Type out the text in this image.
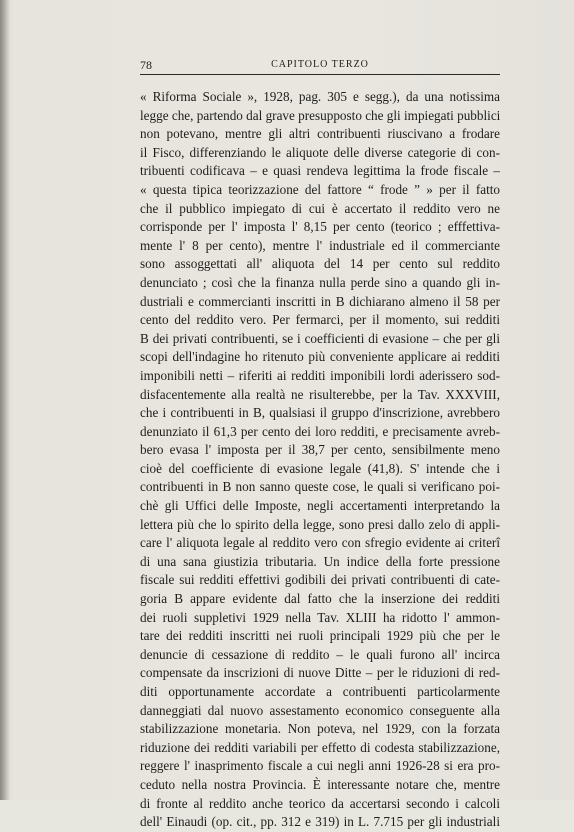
78	CAPITOLO TERZO
« Riforma Sociale », 1928, pag. 305 e segg.), da una notissima
legge che, partendo dal grave presupposto che gli impiegati pubblici
non potevano, mentre gli altri contribuenti riuscivano a frodare
il Fisco, differenziando le aliquote delle diverse categorie di con-
tribuenti codificava – e quasi rendeva legittima la frode fiscale –
« questa tipica teorizzazione del fattore “ frode ” » per il fatto
che il pubblico impiegato di cui è accertato il reddito vero ne
corrisponde per l' imposta l' 8,15 per cento (teorico ; efffettiva-
mente l' 8 per cento), mentre l' industriale ed il commerciante
sono assoggettati all' aliquota del 14 per cento sul reddito
denunciato ; così che la finanza nulla perde sino a quando gli in-
dustriali e commercianti inscritti in B dichiarano almeno il 58 per
cento del reddito vero. Per fermarci, per il momento, sui redditi
B dei privati contribuenti, se i coefficienti di evasione – che per gli
scopi dell'indagine ho ritenuto più conveniente applicare ai redditi
imponibili netti – riferiti ai redditi imponibili lordi aderissero sod-
disfacentemente alla realtà ne risulterebbe, per la Tav. XXXVIII,
che i contribuenti in B, qualsiasi il gruppo d'inscrizione, avrebbero
denunziato il 61,3 per cento dei loro redditi, e precisamente avreb-
bero evasa l' imposta per il 38,7 per cento, sensibilmente meno
cioè del coefficiente di evasione legale (41,8). S' intende che i
contribuenti in B non sanno queste cose, le quali si verificano poi-
chè gli Uffici delle Imposte, negli accertamenti interpretando la
lettera più che lo spirito della legge, sono presi dallo zelo di appli-
care l' aliquota legale al reddito vero con sfregio evidente ai criterî
di una sana giustizia tributaria. Un indice della forte pressione
fiscale sui redditi effettivi godibili dei privati contribuenti di cate-
goria B appare evidente dal fatto che la inserzione dei redditi
dei ruoli suppletivi 1929 nella Tav. XLIII ha ridotto l' ammon-
tare dei redditi inscritti nei ruoli principali 1929 più che per le
denuncie di cessazione di reddito – le quali furono all' incirca
compensate da inscrizioni di nuove Ditte – per le riduzioni di red-
diti opportunamente accordate a contribuenti particolarmente
danneggiati dal nuovo assestamento economico conseguente alla
stabilizzazione monetaria. Non poteva, nel 1929, con la forzata
riduzione dei redditi variabili per effetto di codesta stabilizzazione,
reggere l' inasprimento fiscale a cui negli anni 1926-28 si era pro-
ceduto nella nostra Provincia. È interessante notare che, mentre
di fronte al reddito anche teorico da accertarsi secondo i calcoli
dell' Einaudi (op. cit., pp. 312 e 319) in L. 7.715 per gli industriali
